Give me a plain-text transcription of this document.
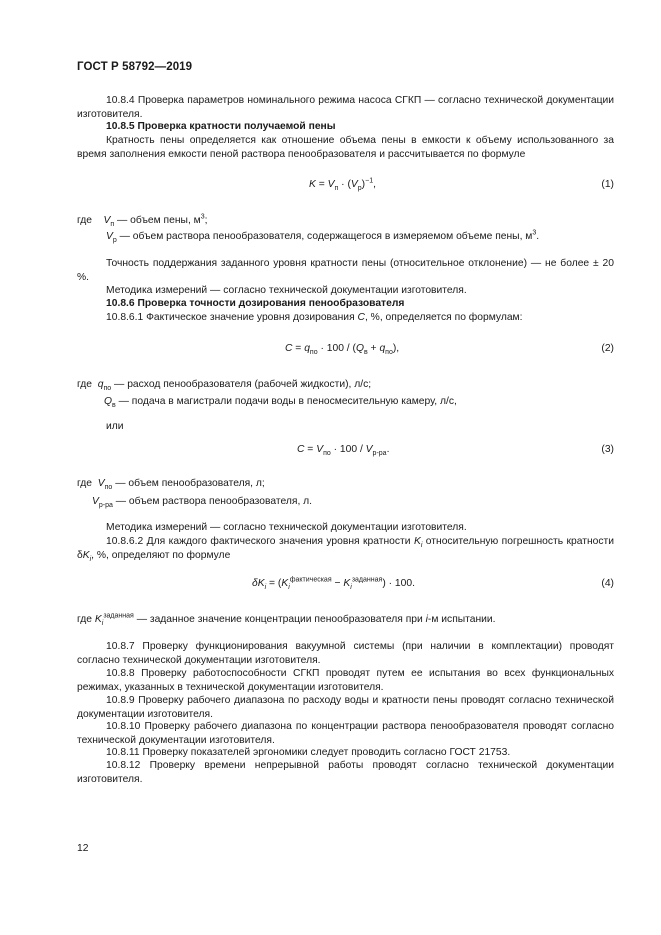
ГОСТ Р 58792—2019
10.8.4 Проверка параметров номинального режима насоса СГКП — согласно технической документации изготовителя.
10.8.5 Проверка кратности получаемой пены
Кратность пены определяется как отношение объема пены в емкости к объему использованного за время заполнения емкости пеной раствора пенообразователя и рассчитывается по формуле
$K = V_п \cdot (V_р)^{-1}$,	(1)
где $V_п$ — объем пены, $м^3$;
$V_р$ — объем раствора пенообразователя, содержащегося в измеряемом объеме пены, $м^3$.
Точность поддержания заданного уровня кратности пены (относительное отклонение) — не более ± 20 %.
Методика измерений — согласно технической документации изготовителя.
10.8.6 Проверка точности дозирования пенообразователя
10.8.6.1 Фактическое значение уровня дозирования C, %, определяется по формулам:
$C = q_{по} \cdot 100 / (Q_в + q_{по})$,	(2)
где $q_{по}$ — расход пенообразователя (рабочей жидкости), л/с;
$Q_в$ — подача в магистрали подачи воды в пеносмесительную камеру, л/с,
или
$C = V_{по} \cdot 100 / V_{р-ра}$.	(3)
где $V_{по}$ — объем пенообразователя, л;
$V_{р-ра}$ — объем раствора пенообразователя, л.
Методика измерений — согласно технической документации изготовителя.
10.8.6.2 Для каждого фактического значения уровня кратности $K_i$ относительную погрешность кратности $\delta K_i$, %, определяют по формуле
$\delta K_i = (K_i^{фактическая} - K_i^{заданная}) \cdot 100$.	(4)
где $K_i^{заданная}$ — заданное значение концентрации пенообразователя при i-м испытании.
10.8.7 Проверку функционирования вакуумной системы (при наличии в комплектации) проводят согласно технической документации изготовителя.
10.8.8 Проверку работоспособности СГКП проводят путем ее испытания во всех функциональных режимах, указанных в технической документации изготовителя.
10.8.9 Проверку рабочего диапазона по расходу воды и кратности пены проводят согласно технической документации изготовителя.
10.8.10 Проверку рабочего диапазона по концентрации раствора пенообразователя проводят согласно технической документации изготовителя.
10.8.11 Проверку показателей эргономики следует проводить согласно ГОСТ 21753.
10.8.12 Проверку времени непрерывной работы проводят согласно технической документации изготовителя.
12
